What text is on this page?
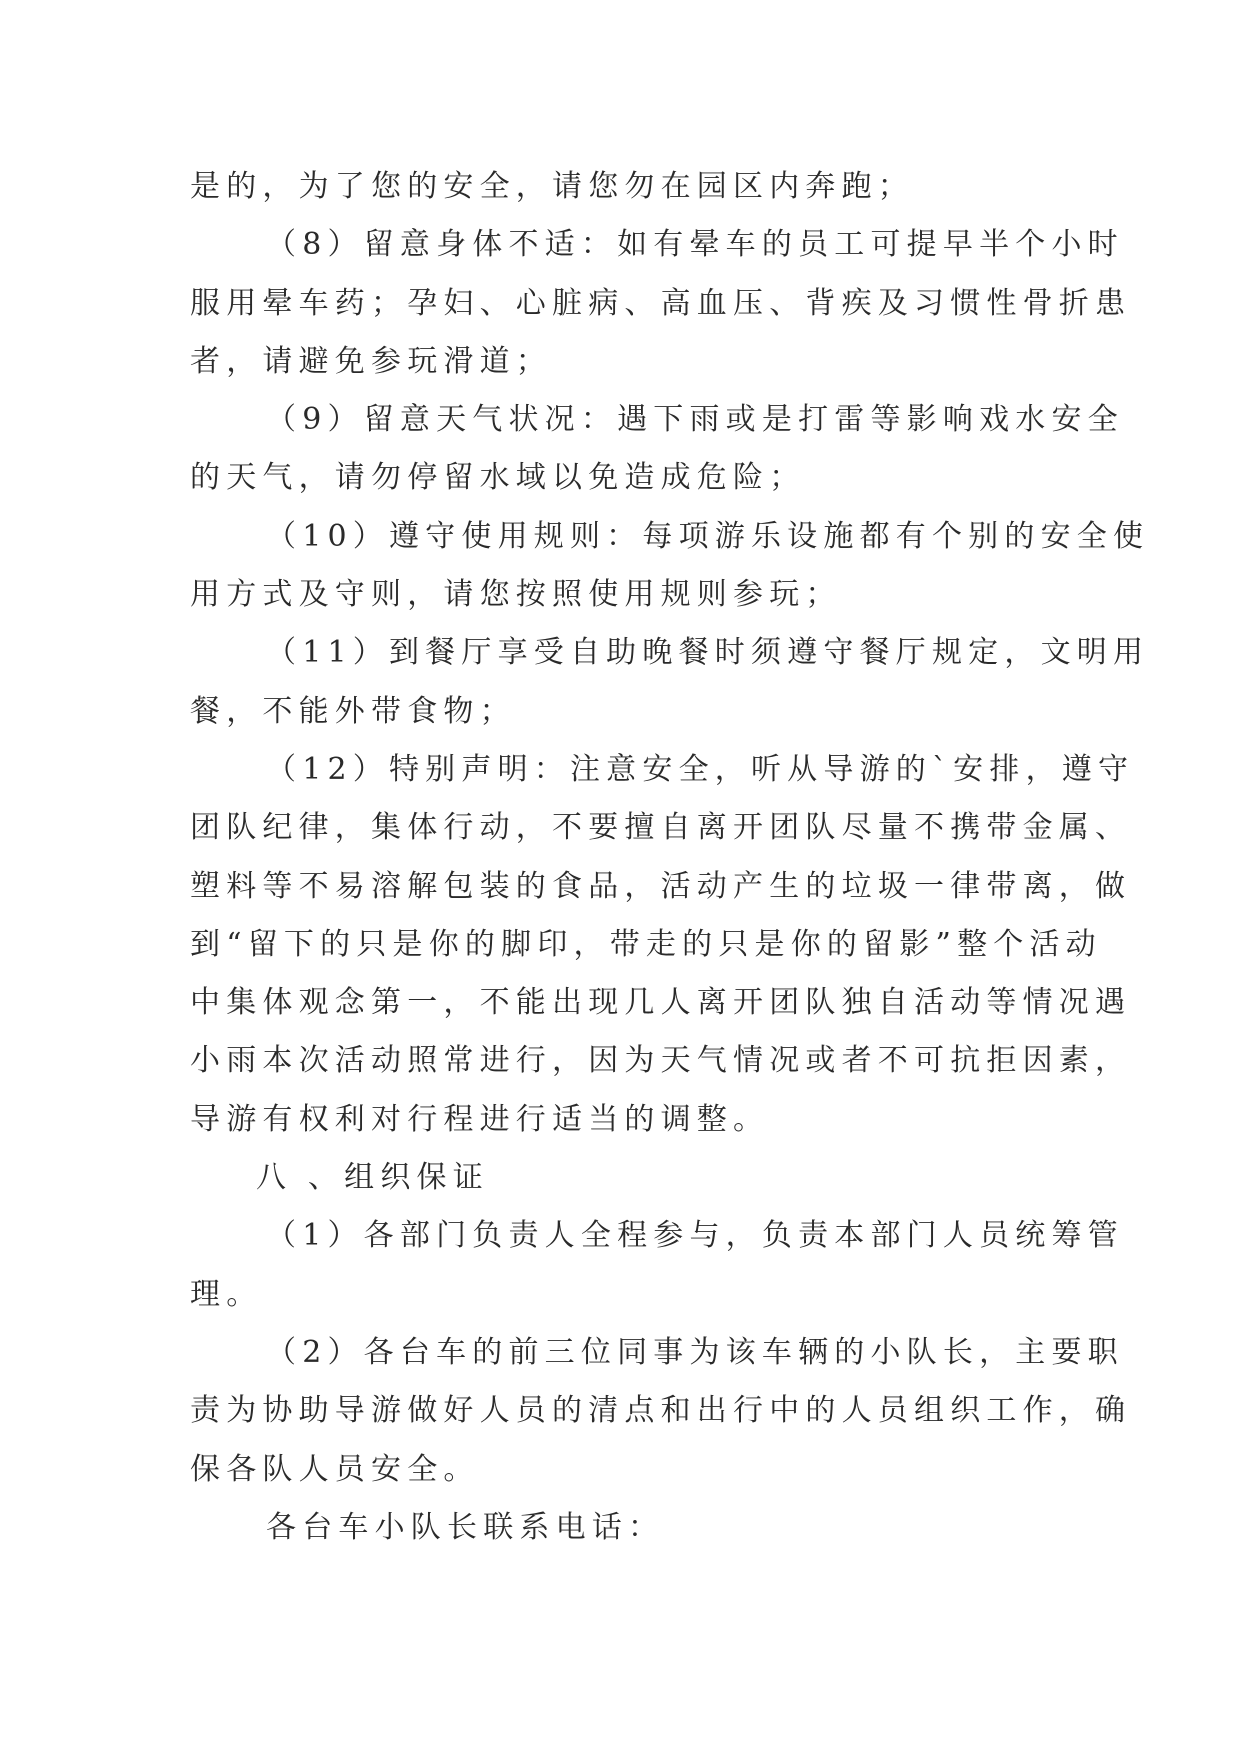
是的，为了您的安全，请您勿在园区内奔跑；
（8）留意身体不适：如有晕车的员工可提早半个小时
服用晕车药；孕妇、心脏病、高血压、背疾及习惯性骨折患
者，请避免参玩滑道；
（9）留意天气状况：遇下雨或是打雷等影响戏水安全
的天气，请勿停留水域以免造成危险；
（10）遵守使用规则：每项游乐设施都有个别的安全使
用方式及守则，请您按照使用规则参玩；
（11）到餐厅享受自助晚餐时须遵守餐厅规定，文明用
餐，不能外带食物；
（12）特别声明：注意安全，听从导游的`安排，遵守
团队纪律，集体行动，不要擅自离开团队尽量不携带金属、
塑料等不易溶解包装的食品，活动产生的垃圾一律带离，做
到“留下的只是你的脚印，带走的只是你的留影”整个活动
中集体观念第一，不能出现几人离开团队独自活动等情况遇
小雨本次活动照常进行，因为天气情况或者不可抗拒因素，
导游有权利对行程进行适当的调整。
八 、组织保证
（1）各部门负责人全程参与，负责本部门人员统筹管
理。
（2）各台车的前三位同事为该车辆的小队长，主要职
责为协助导游做好人员的清点和出行中的人员组织工作，确
保各队人员安全。
各台车小队长联系电话：
